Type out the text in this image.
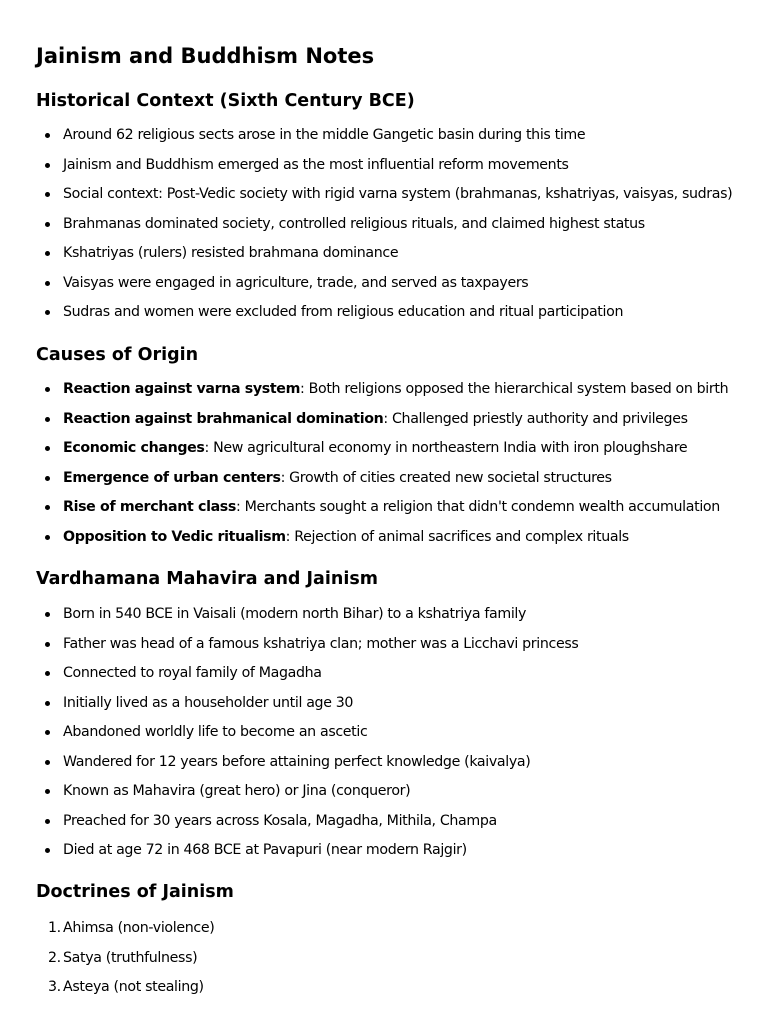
Jainism and Buddhism Notes
Historical Context (Sixth Century BCE)
Around 62 religious sects arose in the middle Gangetic basin during this time
Jainism and Buddhism emerged as the most influential reform movements
Social context: Post-Vedic society with rigid varna system (brahmanas, kshatriyas, vaisyas, sudras)
Brahmanas dominated society, controlled religious rituals, and claimed highest status
Kshatriyas (rulers) resisted brahmana dominance
Vaisyas were engaged in agriculture, trade, and served as taxpayers
Sudras and women were excluded from religious education and ritual participation
Causes of Origin
Reaction against varna system: Both religions opposed the hierarchical system based on birth
Reaction against brahmanical domination: Challenged priestly authority and privileges
Economic changes: New agricultural economy in northeastern India with iron ploughshare
Emergence of urban centers: Growth of cities created new societal structures
Rise of merchant class: Merchants sought a religion that didn't condemn wealth accumulation
Opposition to Vedic ritualism: Rejection of animal sacrifices and complex rituals
Vardhamana Mahavira and Jainism
Born in 540 BCE in Vaisali (modern north Bihar) to a kshatriya family
Father was head of a famous kshatriya clan; mother was a Licchavi princess
Connected to royal family of Magadha
Initially lived as a householder until age 30
Abandoned worldly life to become an ascetic
Wandered for 12 years before attaining perfect knowledge (kaivalya)
Known as Mahavira (great hero) or Jina (conqueror)
Preached for 30 years across Kosala, Magadha, Mithila, Champa
Died at age 72 in 468 BCE at Pavapuri (near modern Rajgir)
Doctrines of Jainism
1. Ahimsa (non-violence)
2. Satya (truthfulness)
3. Asteya (not stealing)
